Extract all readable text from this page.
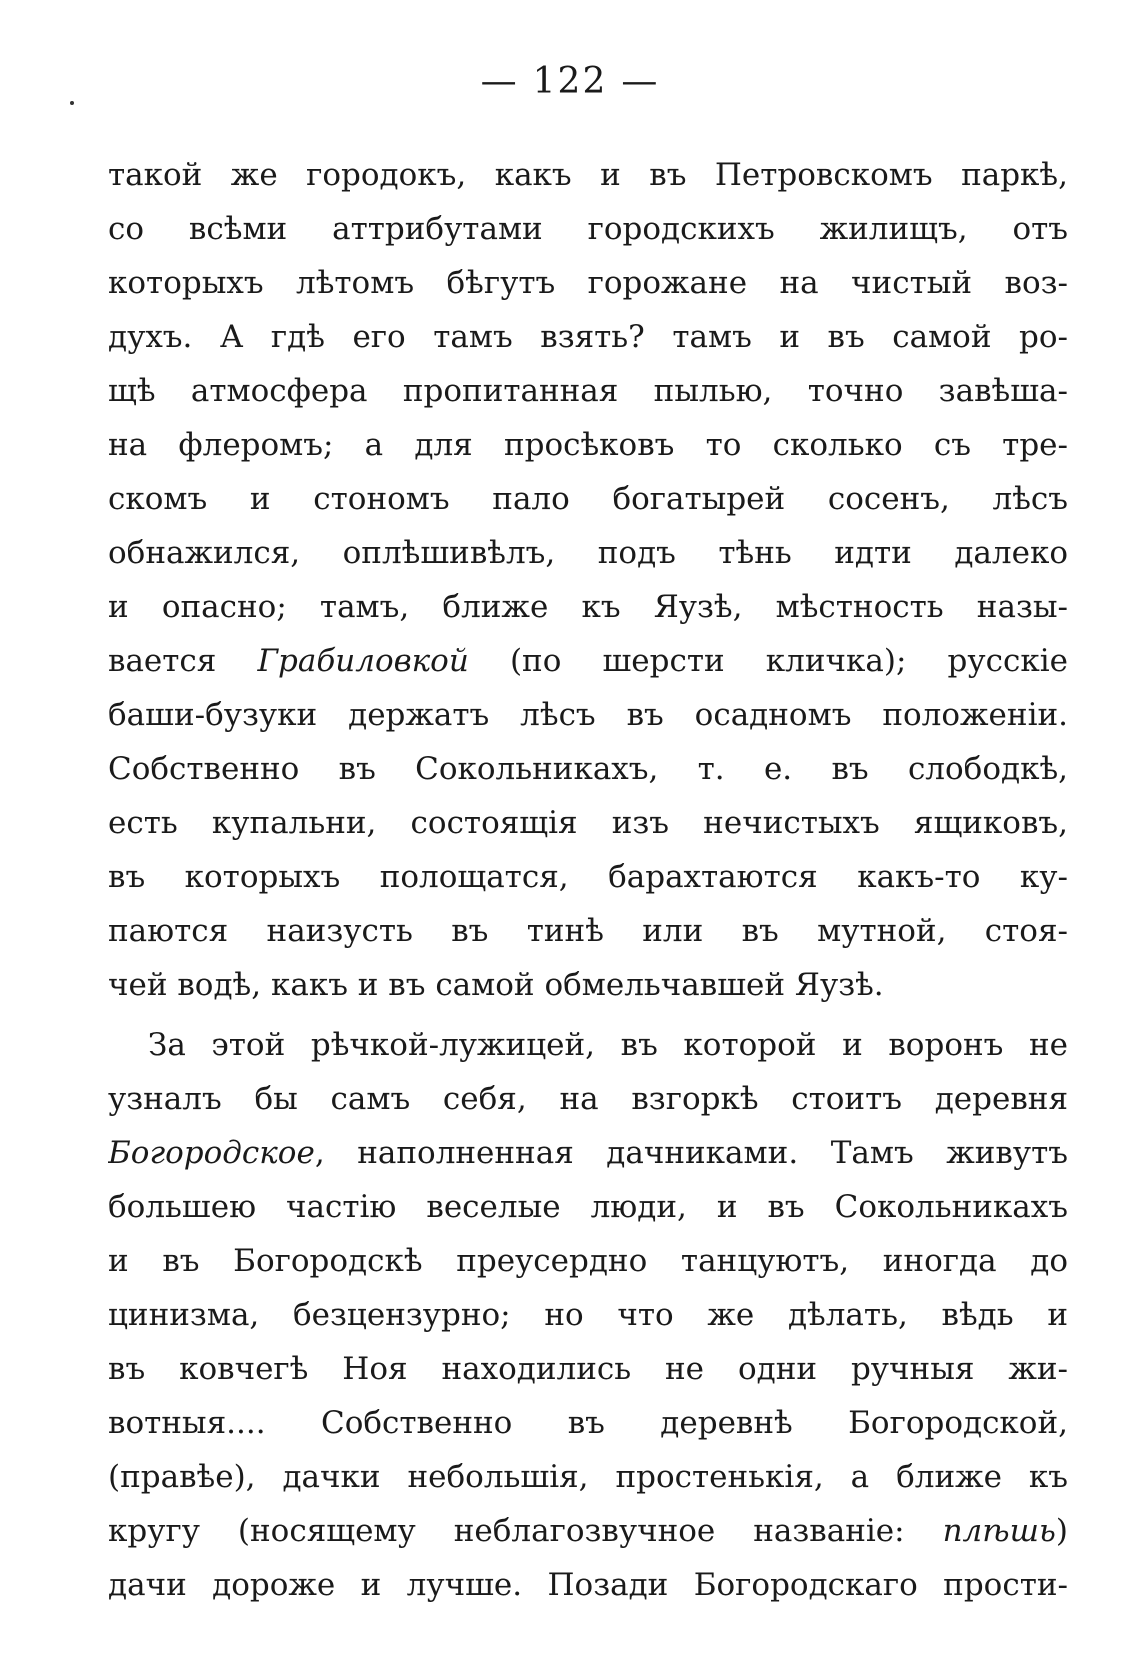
— 122 —
такой же городокъ, какъ и въ Петровскомъ паркѣ,
со всѣми аттрибутами городскихъ жилищъ, отъ
которыхъ лѣтомъ бѣгутъ горожане на чистый воз-
духъ. А гдѣ его тамъ взять? тамъ и въ самой ро-
щѣ атмосфера пропитанная пылью, точно завѣша-
на флеромъ; а для просѣковъ то сколько съ тре-
скомъ и стономъ пало богатырей сосенъ, лѣсъ
обнажился, оплѣшивѣлъ, подъ тѣнь идти далеко
и опасно; тамъ, ближе къ Яузѣ, мѣстность назы-
вается Грабиловкой (по шерсти кличка); русскіе
баши-бузуки держатъ лѣсъ въ осадномъ положеніи.
Собственно въ Сокольникахъ, т. е. въ слободкѣ,
есть купальни, состоящія изъ нечистыхъ ящиковъ,
въ которыхъ полощатся, барахтаются какъ-то ку-
паются наизусть въ тинѣ или въ мутной, стоя-
чей водѣ, какъ и въ самой обмельчавшей Яузѣ.
За этой рѣчкой-лужицей, въ которой и воронъ не
узналъ бы самъ себя, на взгоркѣ стоитъ деревня
Богородское, наполненная дачниками. Тамъ живутъ
большею частію веселые люди, и въ Сокольникахъ
и въ Богородскѣ преусердно танцуютъ, иногда до
цинизма, безцензурно; но что же дѣлать, вѣдь и
въ ковчегѣ Ноя находились не одни ручныя жи-
вотныя.... Собственно въ деревнѣ Богородской,
(правѣе), дачки небольшія, простенькія, а ближе къ
кругу (носящему неблагозвучное названіе: плѣшь)
дачи дороже и лучше. Позади Богородскаго прости-
